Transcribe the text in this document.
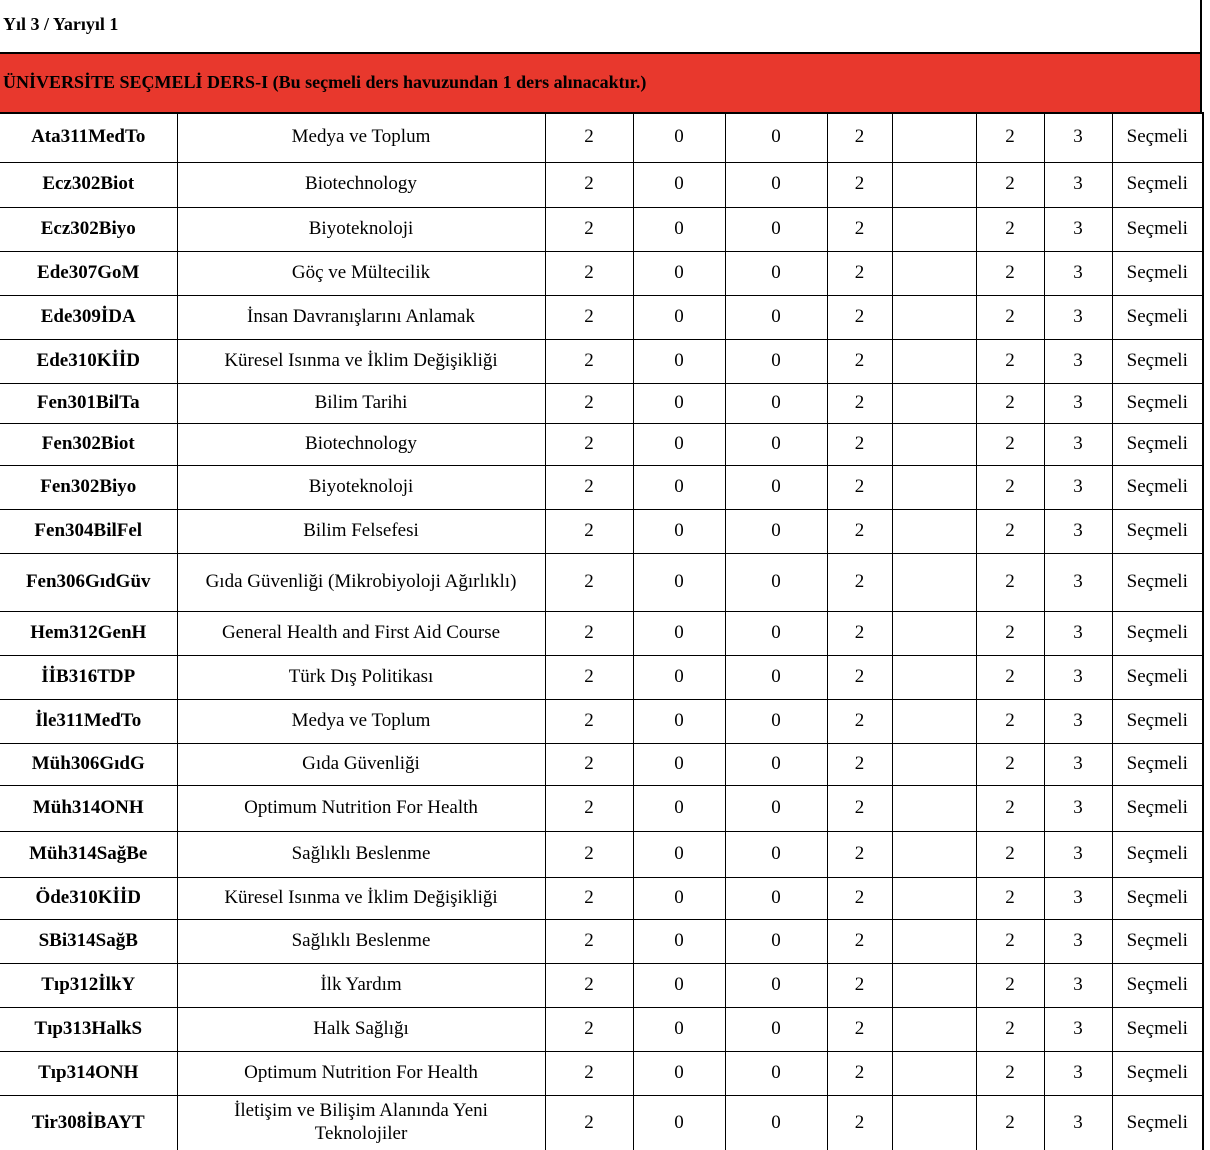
Yıl 3 / Yarıyıl 1
ÜNİVERSİTE SEÇMELİ DERS-I (Bu seçmeli ders havuzundan 1 ders alınacaktır.)
Ata311MedTo	Medya ve Toplum	2	0	0	2		2	3	Seçmeli
Ecz302Biot	Biotechnology	2	0	0	2		2	3	Seçmeli
Ecz302Biyo	Biyoteknoloji	2	0	0	2		2	3	Seçmeli
Ede307GoM	Göç ve Mültecilik	2	0	0	2		2	3	Seçmeli
Ede309İDA	İnsan Davranışlarını Anlamak	2	0	0	2		2	3	Seçmeli
Ede310KİİD	Küresel Isınma ve İklim Değişikliği	2	0	0	2		2	3	Seçmeli
Fen301BilTa	Bilim Tarihi	2	0	0	2		2	3	Seçmeli
Fen302Biot	Biotechnology	2	0	0	2		2	3	Seçmeli
Fen302Biyo	Biyoteknoloji	2	0	0	2		2	3	Seçmeli
Fen304BilFel	Bilim Felsefesi	2	0	0	2		2	3	Seçmeli
Fen306GıdGüv	Gıda Güvenliği (Mikrobiyoloji Ağırlıklı)	2	0	0	2		2	3	Seçmeli
Hem312GenH	General Health and First Aid Course	2	0	0	2		2	3	Seçmeli
İİB316TDP	Türk Dış Politikası	2	0	0	2		2	3	Seçmeli
İle311MedTo	Medya ve Toplum	2	0	0	2		2	3	Seçmeli
Müh306GıdG	Gıda Güvenliği	2	0	0	2		2	3	Seçmeli
Müh314ONH	Optimum Nutrition For Health	2	0	0	2		2	3	Seçmeli
Müh314SağBe	Sağlıklı Beslenme	2	0	0	2		2	3	Seçmeli
Öde310KİİD	Küresel Isınma ve İklim Değişikliği	2	0	0	2		2	3	Seçmeli
SBi314SağB	Sağlıklı Beslenme	2	0	0	2		2	3	Seçmeli
Tıp312İlkY	İlk Yardım	2	0	0	2		2	3	Seçmeli
Tıp313HalkS	Halk Sağlığı	2	0	0	2		2	3	Seçmeli
Tıp314ONH	Optimum Nutrition For Health	2	0	0	2		2	3	Seçmeli
Tir308İBAYT	İletişim ve Bilişim Alanında Yeni Teknolojiler	2	0	0	2		2	3	Seçmeli
